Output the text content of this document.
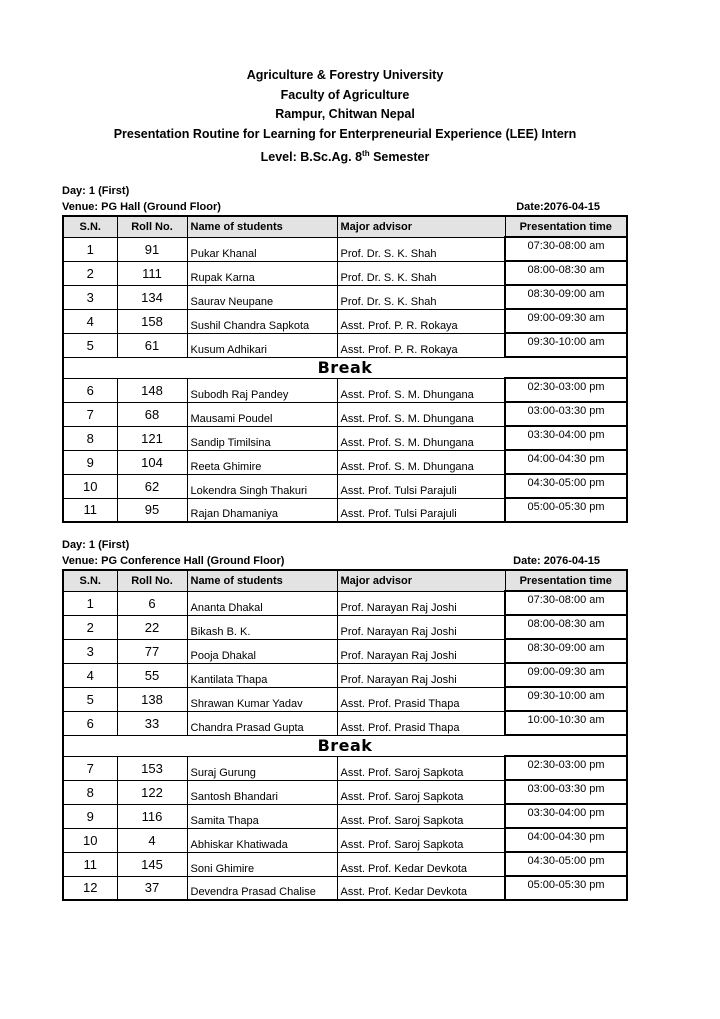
Agriculture & Forestry University
Faculty of Agriculture
Rampur, Chitwan Nepal
Presentation Routine for Learning for Enterpreneurial Experience (LEE) Intern
Level: B.Sc.Ag. 8th Semester
Day: 1 (First)
Venue: PG Hall (Ground Floor)	Date:2076-04-15
S.N.	Roll No.	Name of students	Major advisor	Presentation time
1	91	Pukar Khanal	Prof. Dr. S. K. Shah	07:30-08:00 am
2	111	Rupak Karna	Prof. Dr. S. K. Shah	08:00-08:30 am
3	134	Saurav Neupane	Prof. Dr. S. K. Shah	08:30-09:00 am
4	158	Sushil Chandra Sapkota	Asst. Prof. P. R. Rokaya	09:00-09:30 am
5	61	Kusum Adhikari	Asst. Prof. P. R. Rokaya	09:30-10:00 am
Break				
6	148	Subodh Raj Pandey	Asst. Prof. S. M. Dhungana	02:30-03:00 pm
7	68	Mausami Poudel	Asst. Prof. S. M. Dhungana	03:00-03:30 pm
8	121	Sandip Timilsina	Asst. Prof. S. M. Dhungana	03:30-04:00 pm
9	104	Reeta Ghimire	Asst. Prof. S. M. Dhungana	04:00-04:30 pm
10	62	Lokendra Singh Thakuri	Asst. Prof. Tulsi Parajuli	04:30-05:00 pm
11	95	Rajan Dhamaniya	Asst. Prof. Tulsi Parajuli	05:00-05:30 pm
Day: 1 (First)
Venue: PG Conference Hall (Ground Floor)	Date: 2076-04-15
S.N.	Roll No.	Name of students	Major advisor	Presentation time
1	6	Ananta Dhakal	Prof. Narayan Raj Joshi	07:30-08:00 am
2	22	Bikash B. K.	Prof. Narayan Raj Joshi	08:00-08:30 am
3	77	Pooja Dhakal	Prof. Narayan Raj Joshi	08:30-09:00 am
4	55	Kantilata Thapa	Prof. Narayan Raj Joshi	09:00-09:30 am
5	138	Shrawan Kumar Yadav	Asst. Prof. Prasid Thapa	09:30-10:00 am
6	33	Chandra Prasad Gupta	Asst. Prof. Prasid Thapa	10:00-10:30 am
Break				
7	153	Suraj Gurung	Asst. Prof. Saroj Sapkota	02:30-03:00 pm
8	122	Santosh Bhandari	Asst. Prof. Saroj Sapkota	03:00-03:30 pm
9	116	Samita Thapa	Asst. Prof. Saroj Sapkota	03:30-04:00 pm
10	4	Abhiskar Khatiwada	Asst. Prof. Saroj Sapkota	04:00-04:30 pm
11	145	Soni Ghimire	Asst. Prof. Kedar Devkota	04:30-05:00 pm
12	37	Devendra Prasad Chalise	Asst. Prof. Kedar Devkota	05:00-05:30 pm
